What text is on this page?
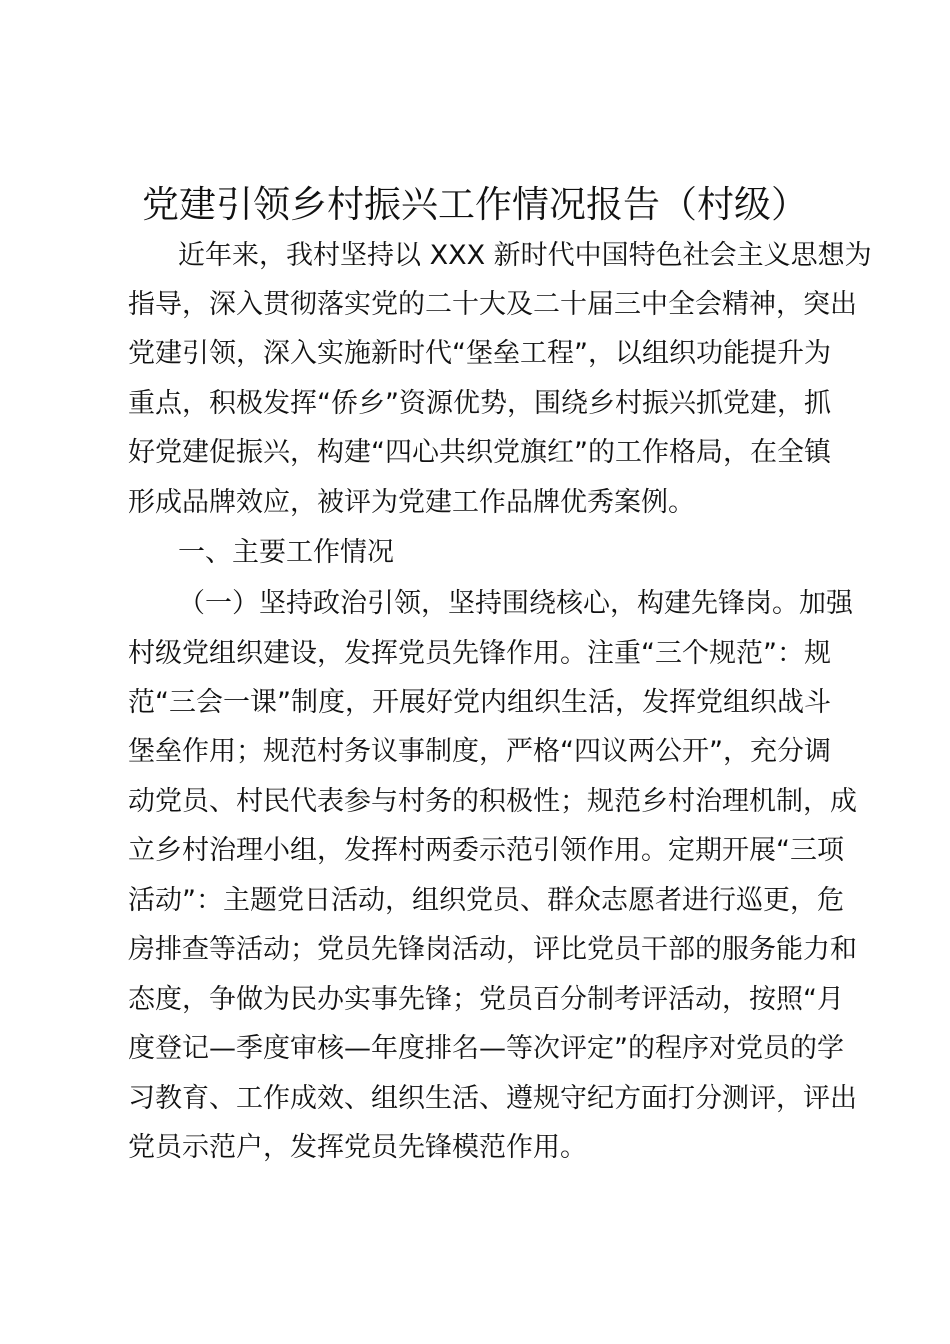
党建引领乡村振兴工作情况报告（村级）
近年来，我村坚持以 XXX 新时代中国特色社会主义思想为
指导，深入贯彻落实党的二十大及二十届三中全会精神，突出
党建引领，深入实施新时代“堡垒工程”，以组织功能提升为
重点，积极发挥“侨乡”资源优势，围绕乡村振兴抓党建，抓
好党建促振兴，构建“四心共织党旗红”的工作格局，在全镇
形成品牌效应，被评为党建工作品牌优秀案例。
一、主要工作情况
（一）坚持政治引领，坚持围绕核心，构建先锋岗。加强
村级党组织建设，发挥党员先锋作用。注重“三个规范”：规
范“三会一课”制度，开展好党内组织生活，发挥党组织战斗
堡垒作用；规范村务议事制度，严格“四议两公开”，充分调
动党员、村民代表参与村务的积极性；规范乡村治理机制，成
立乡村治理小组，发挥村两委示范引领作用。定期开展“三项
活动”：主题党日活动，组织党员、群众志愿者进行巡更，危
房排查等活动；党员先锋岗活动，评比党员干部的服务能力和
态度，争做为民办实事先锋；党员百分制考评活动，按照“月
度登记—季度审核—年度排名—等次评定”的程序对党员的学
习教育、工作成效、组织生活、遵规守纪方面打分测评，评出
党员示范户，发挥党员先锋模范作用。
